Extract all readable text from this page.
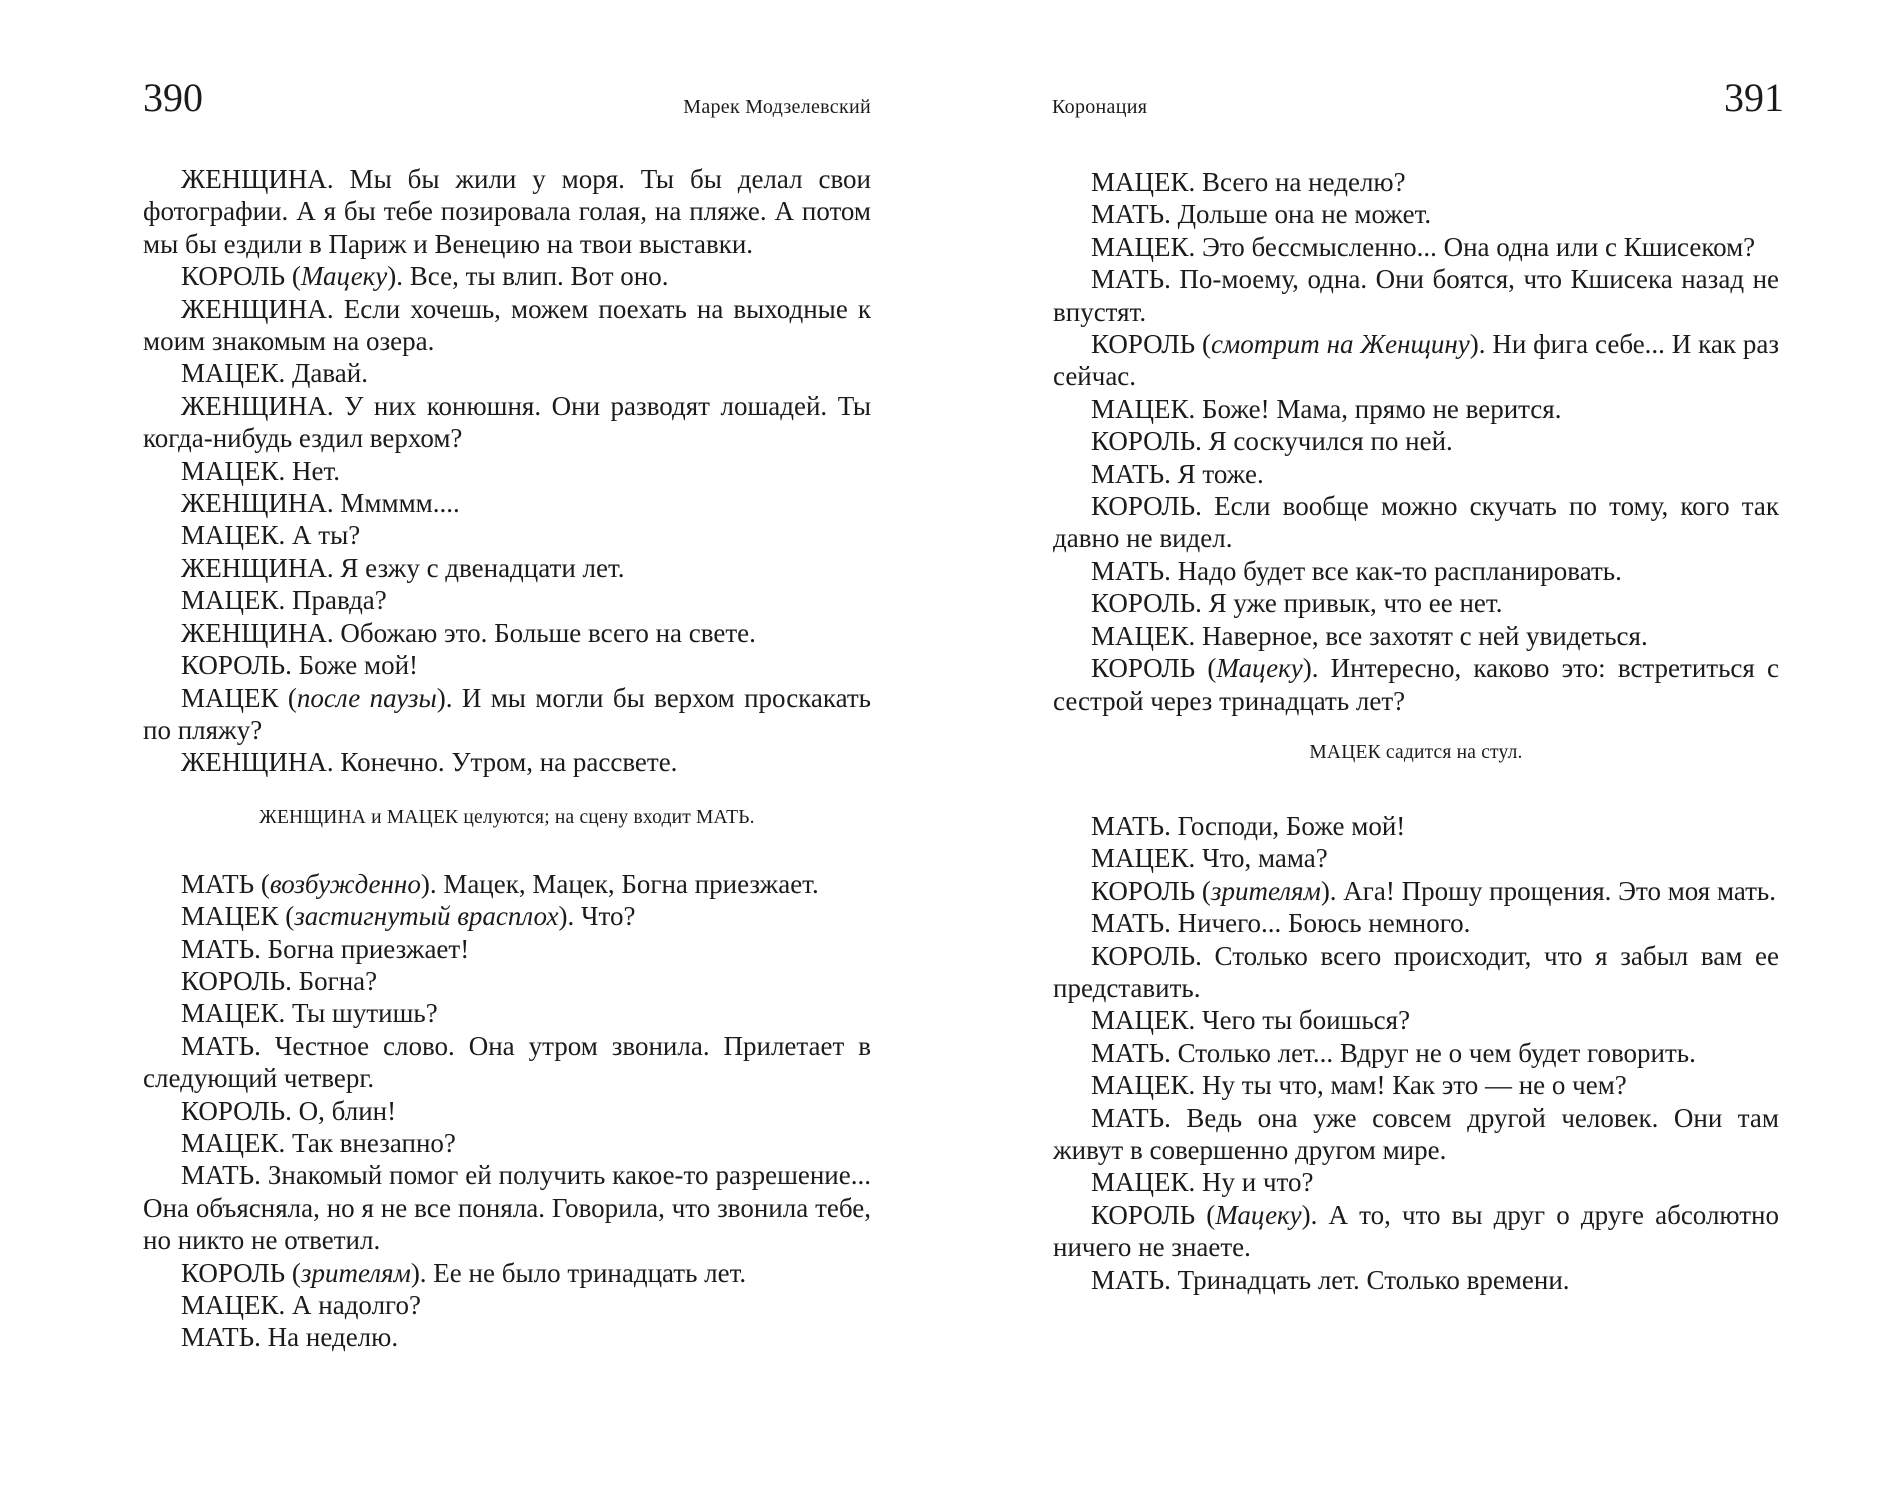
390	Марек Модзелевский

ЖЕНЩИНА. Мы бы жили у моря. Ты бы делал свои фотографии. А я бы тебе позировала голая, на пляже. А потом мы бы ездили в Париж и Венецию на твои выставки.

КОРОЛЬ (Мацеку). Все, ты влип. Вот оно.

ЖЕНЩИНА. Если хочешь, можем поехать на выходные к моим знакомым на озера.

МАЦЕК. Давай.

ЖЕНЩИНА. У них конюшня. Они разводят лошадей. Ты когда-нибудь ездил верхом?

МАЦЕК. Нет.

ЖЕНЩИНА. Ммммм....

МАЦЕК. А ты?

ЖЕНЩИНА. Я езжу с двенадцати лет.

МАЦЕК. Правда?

ЖЕНЩИНА. Обожаю это. Больше всего на свете.

КОРОЛЬ. Боже мой!

МАЦЕК (после паузы). И мы могли бы верхом проскакать по пляжу?

ЖЕНЩИНА. Конечно. Утром, на рассвете.

ЖЕНЩИНА и МАЦЕК целуются; на сцену входит МАТЬ.

МАТЬ (возбужденно). Мацек, Мацек, Богна приезжает.

МАЦЕК (застигнутый врасплох). Что?

МАТЬ. Богна приезжает!

КОРОЛЬ. Богна?

МАЦЕК. Ты шутишь?

МАТЬ. Честное слово. Она утром звонила. Прилетает в следующий четверг.

КОРОЛЬ. О, блин!

МАЦЕК. Так внезапно?

МАТЬ. Знакомый помог ей получить какое-то разрешение... Она объясняла, но я не все поняла. Говорила, что звонила тебе, но никто не ответил.

КОРОЛЬ (зрителям). Ее не было тринадцать лет.

МАЦЕК. А надолго?

МАТЬ. На неделю.

Коронация	391

МАЦЕК. Всего на неделю?

МАТЬ. Дольше она не может.

МАЦЕК. Это бессмысленно... Она одна или с Кшисеком?

МАТЬ. По-моему, одна. Они боятся, что Кшисека назад не впустят.

КОРОЛЬ (смотрит на Женщину). Ни фига себе... И как раз сейчас.

МАЦЕК. Боже! Мама, прямо не верится.

КОРОЛЬ. Я соскучился по ней.

МАТЬ. Я тоже.

КОРОЛЬ. Если вообще можно скучать по тому, кого так давно не видел.

МАТЬ. Надо будет все как-то распланировать.

КОРОЛЬ. Я уже привык, что ее нет.

МАЦЕК. Наверное, все захотят с ней увидеться.

КОРОЛЬ (Мацеку). Интересно, каково это: встретиться с сестрой через тринадцать лет?

МАЦЕК садится на стул.

МАТЬ. Господи, Боже мой!

МАЦЕК. Что, мама?

КОРОЛЬ (зрителям). Ага! Прошу прощения. Это моя мать.

МАТЬ. Ничего... Боюсь немного.

КОРОЛЬ. Столько всего происходит, что я забыл вам ее представить.

МАЦЕК. Чего ты боишься?

МАТЬ. Столько лет... Вдруг не о чем будет говорить.

МАЦЕК. Ну ты что, мам! Как это — не о чем?

МАТЬ. Ведь она уже совсем другой человек. Они там живут в совершенно другом мире.

МАЦЕК. Ну и что?

КОРОЛЬ (Мацеку). А то, что вы друг о друге абсолютно ничего не знаете.

МАТЬ. Тринадцать лет. Столько времени.
